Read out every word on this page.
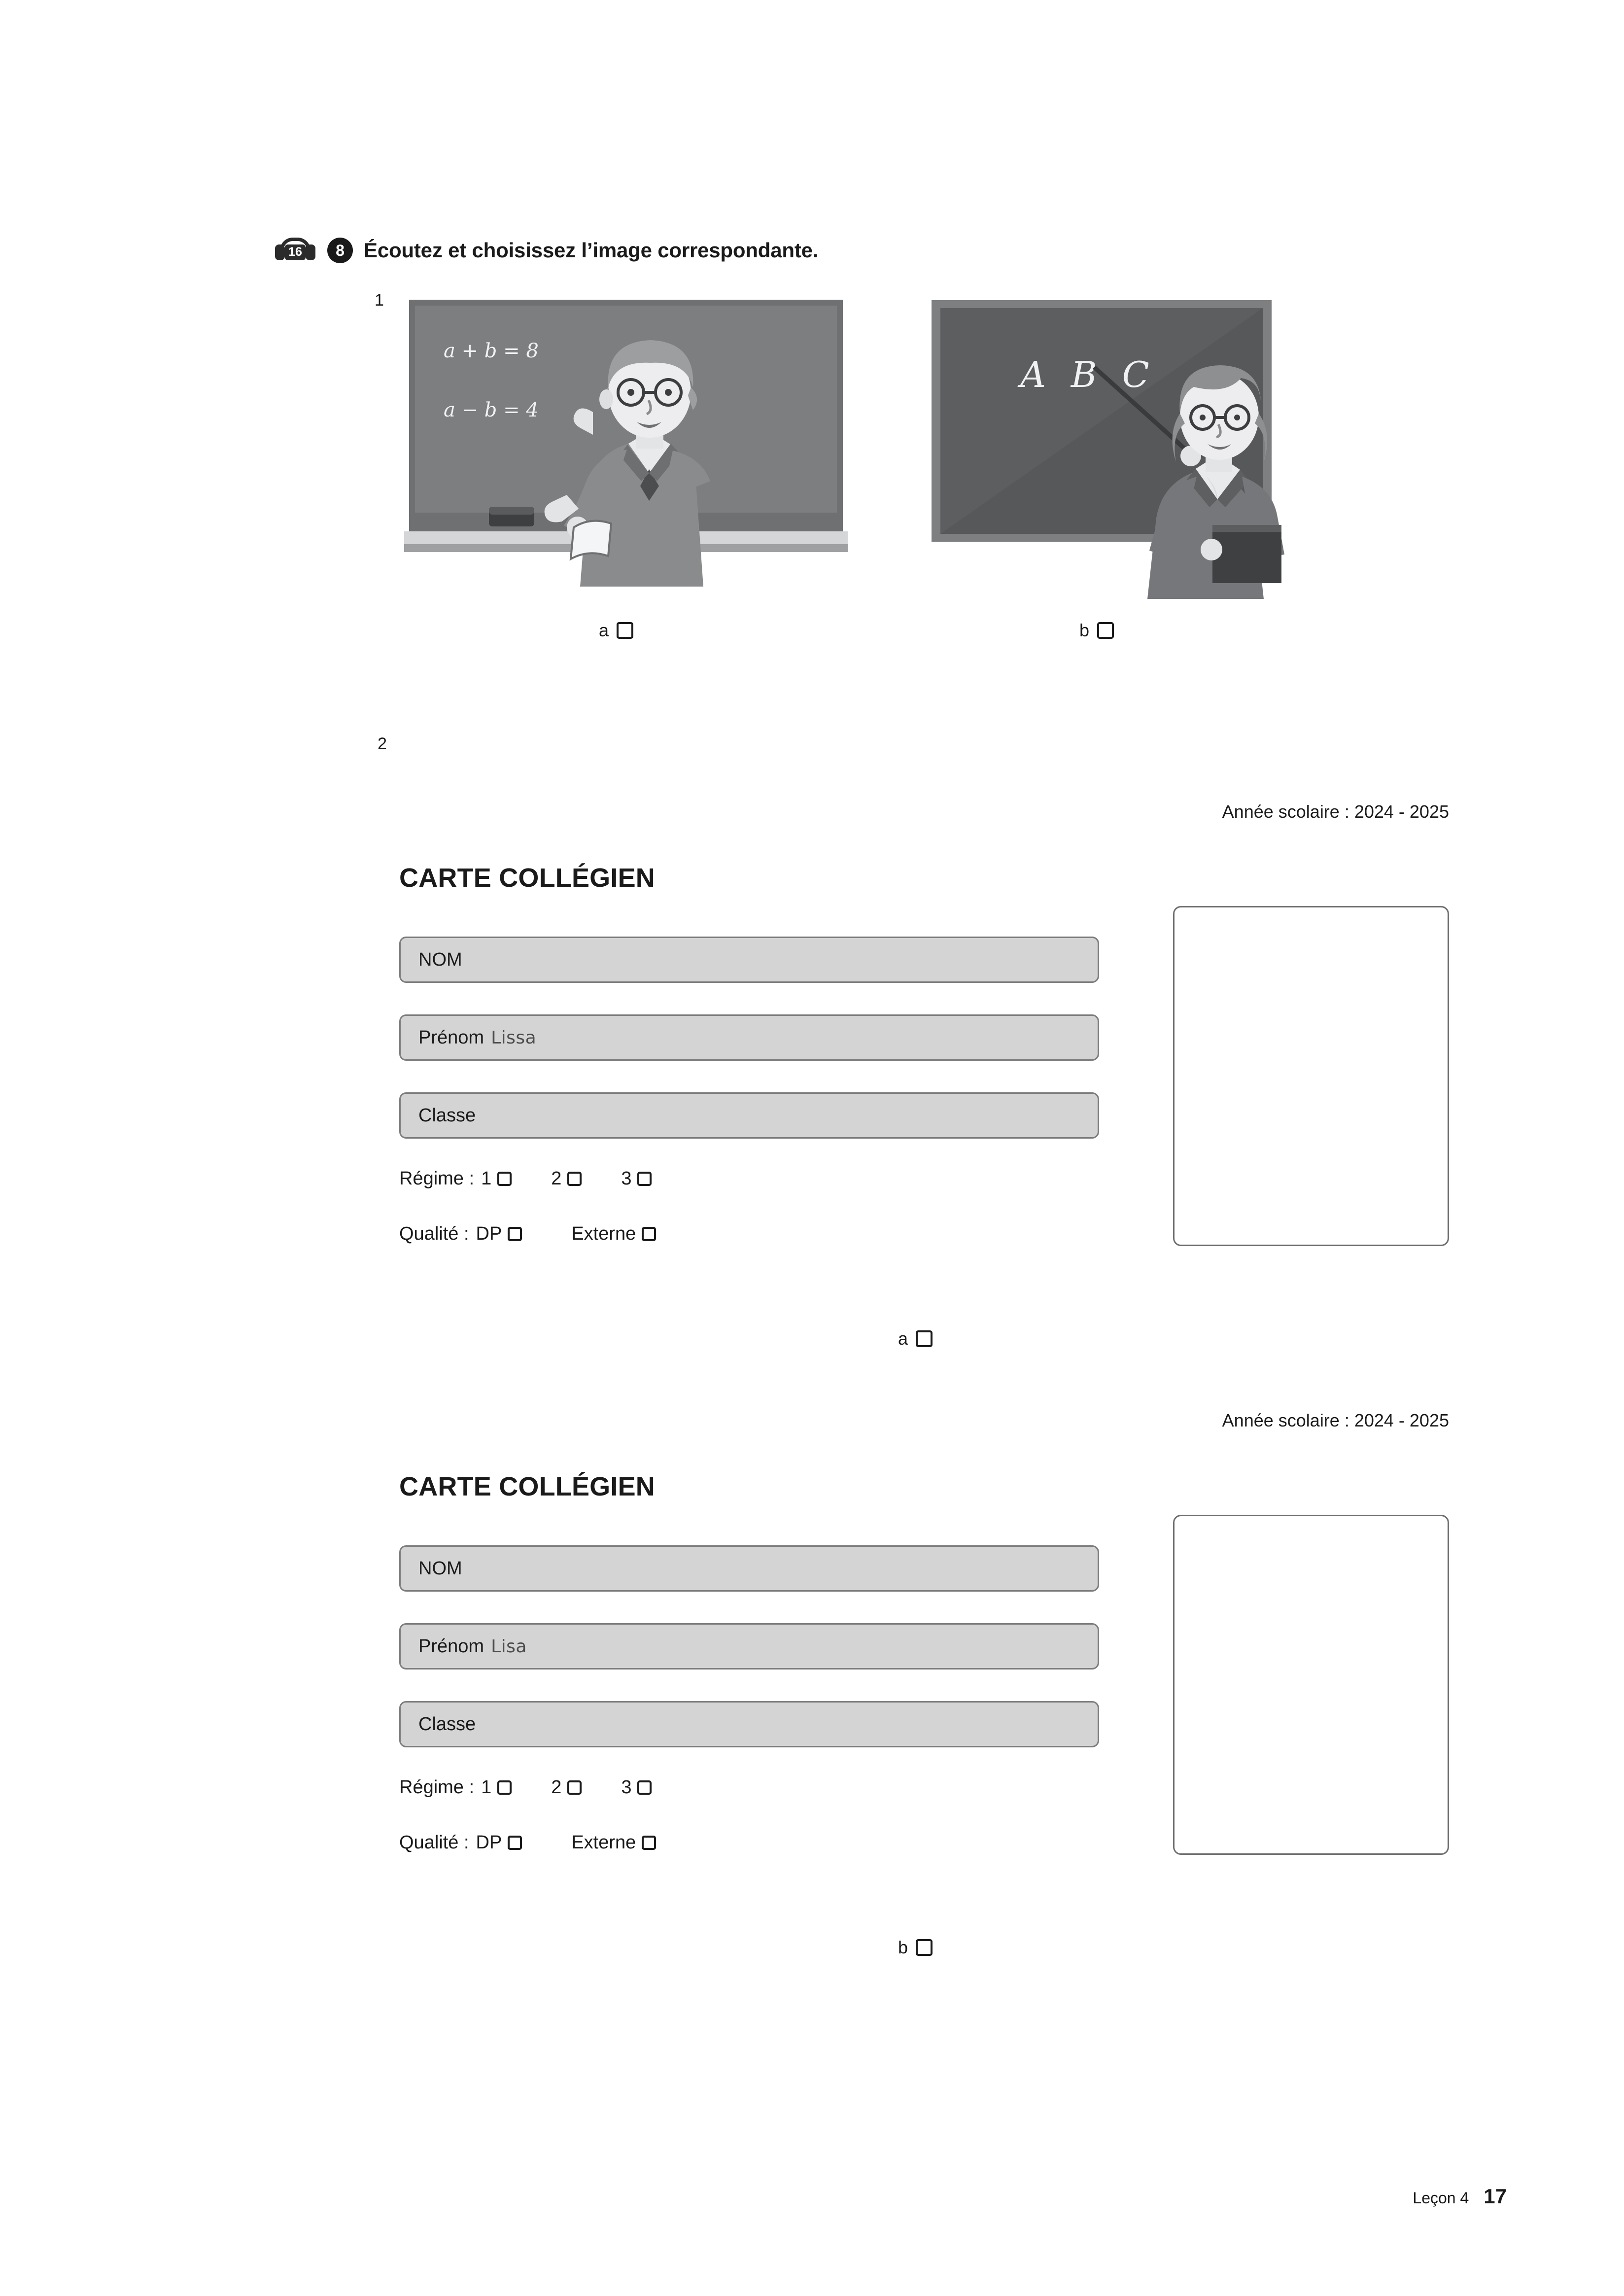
16	8 Écoutez et choisissez l’image correspondante.
1
a + b = 8
a − b = 4
A B C
a	b
2
Année scolaire : 2024 - 2025
CARTE COLLÉGIEN
NOM
Prénom Lissa
Classe
Régime : 1	2	3
Qualité : DP	Externe
a
Année scolaire : 2024 - 2025
CARTE COLLÉGIEN
NOM
Prénom Lisa
Classe
Régime : 1	2	3
Qualité : DP	Externe
b
Leçon 4 17
